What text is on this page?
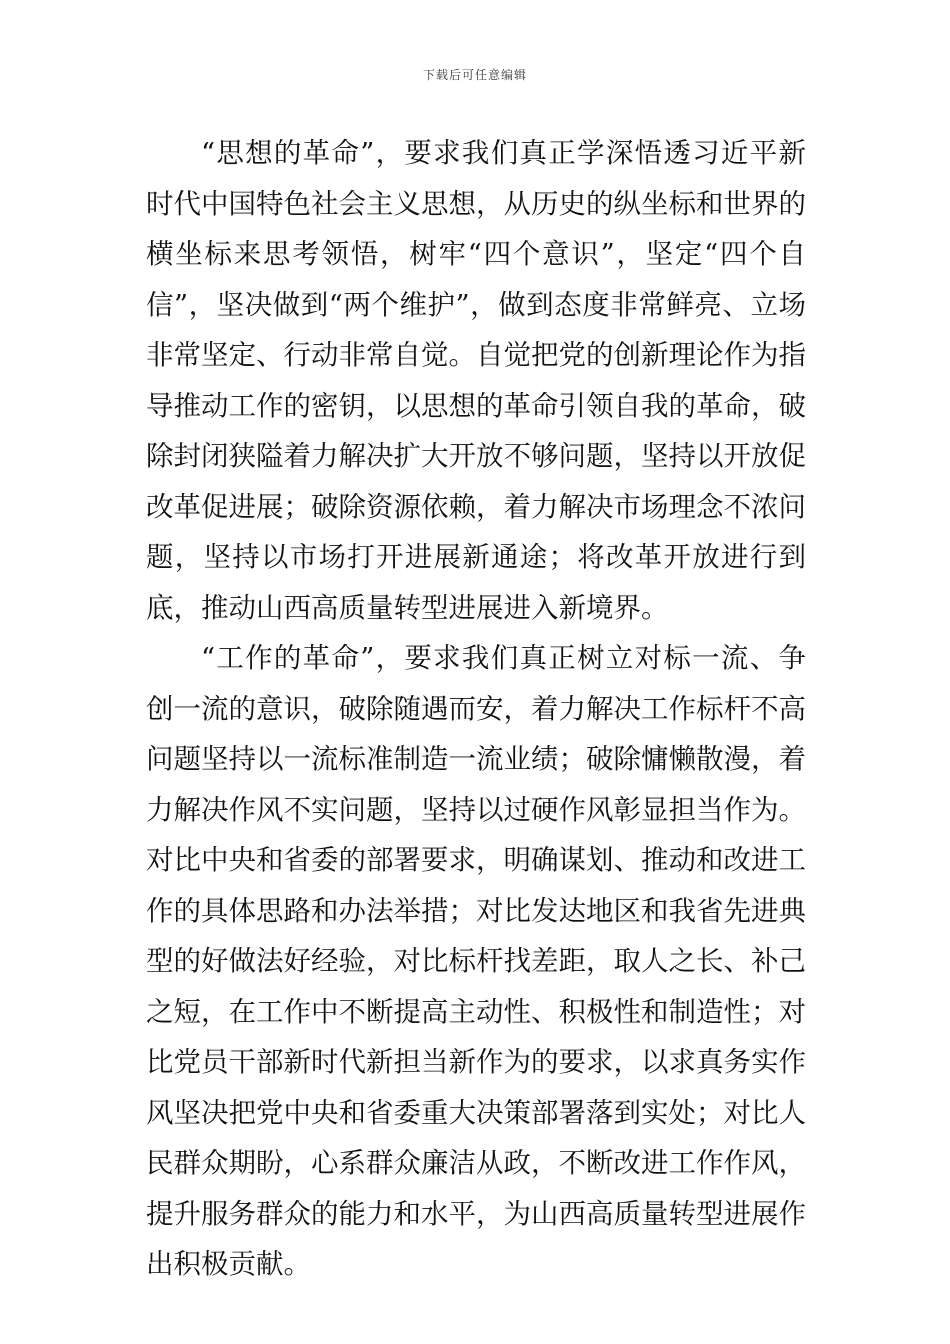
下载后可任意编辑

“思想的革命”，要求我们真正学深悟透习近平新时代中国特色社会主义思想，从历史的纵坐标和世界的横坐标来思考领悟，树牢“四个意识”，坚定“四个自信”，坚决做到“两个维护”，做到态度非常鲜亮、立场非常坚定、行动非常自觉。自觉把党的创新理论作为指导推动工作的密钥，以思想的革命引领自我的革命，破除封闭狭隘着力解决扩大开放不够问题，坚持以开放促改革促进展；破除资源依赖，着力解决市场理念不浓问题，坚持以市场打开进展新通途；将改革开放进行到底，推动山西高质量转型进展进入新境界。

“工作的革命”，要求我们真正树立对标一流、争创一流的意识，破除随遇而安，着力解决工作标杆不高问题坚持以一流标准制造一流业绩；破除慵懒散漫，着力解决作风不实问题，坚持以过硬作风彰显担当作为。对比中央和省委的部署要求，明确谋划、推动和改进工作的具体思路和办法举措；对比发达地区和我省先进典型的好做法好经验，对比标杆找差距，取人之长、补己之短，在工作中不断提高主动性、积极性和制造性；对比党员干部新时代新担当新作为的要求，以求真务实作风坚决把党中央和省委重大决策部署落到实处；对比人民群众期盼，心系群众廉洁从政，不断改进工作作风，提升服务群众的能力和水平，为山西高质量转型进展作出积极贡献。
